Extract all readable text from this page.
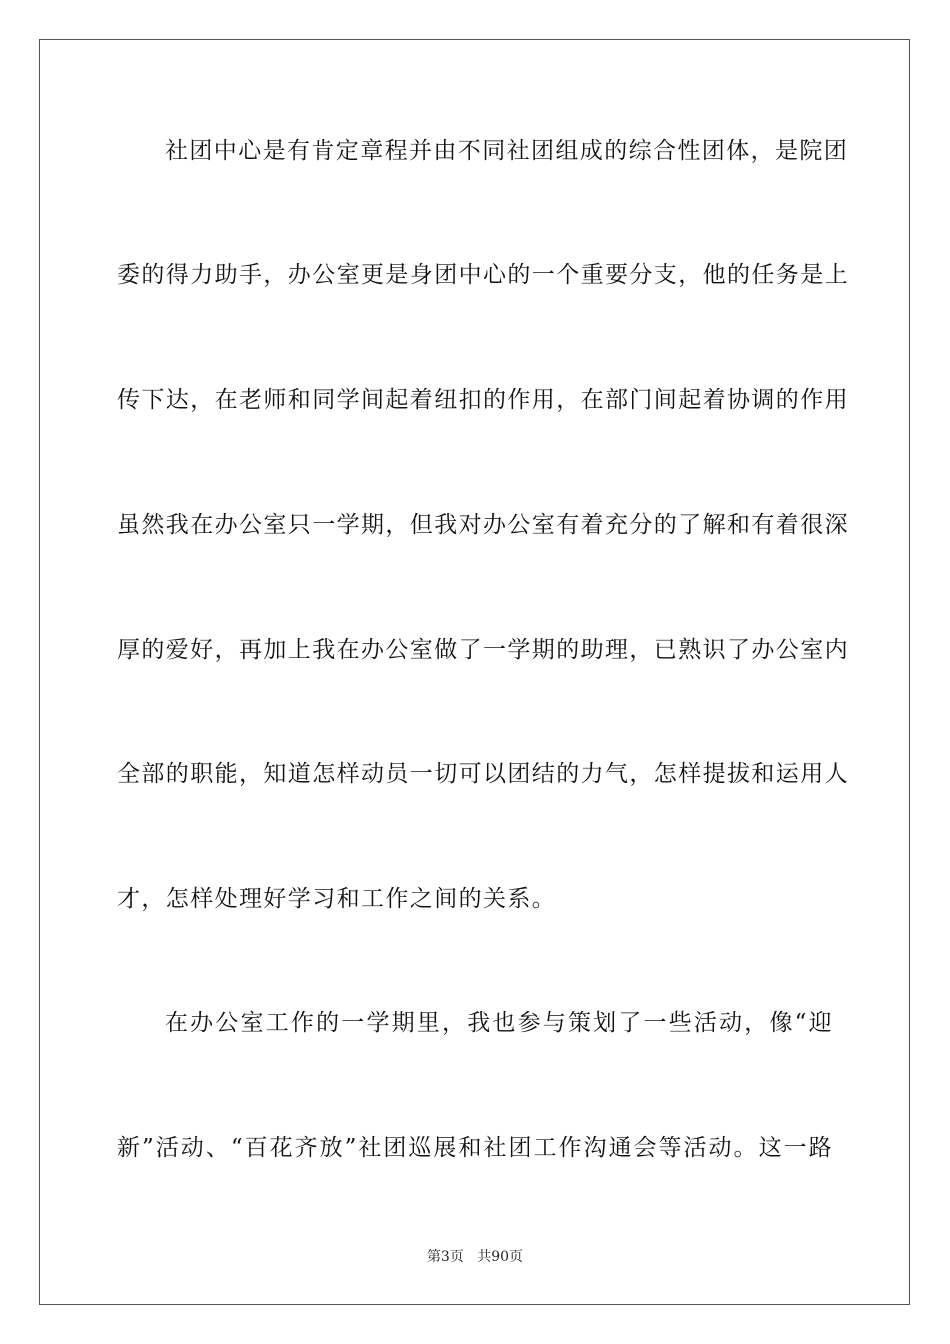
社团中心是有肯定章程并由不同社团组成的综合性团体，是院团
委的得力助手，办公室更是身团中心的一个重要分支，他的任务是上
传下达，在老师和同学间起着纽扣的作用，在部门间起着协调的作用
虽然我在办公室只一学期，但我对办公室有着充分的了解和有着很深
厚的爱好，再加上我在办公室做了一学期的助理，已熟识了办公室内
全部的职能，知道怎样动员一切可以团结的力气，怎样提拔和运用人
才，怎样处理好学习和工作之间的关系。
在办公室工作的一学期里，我也参与策划了一些活动，像“迎
新”活动、“百花齐放”社团巡展和社团工作沟通会等活动。这一路
第3页 共90页
